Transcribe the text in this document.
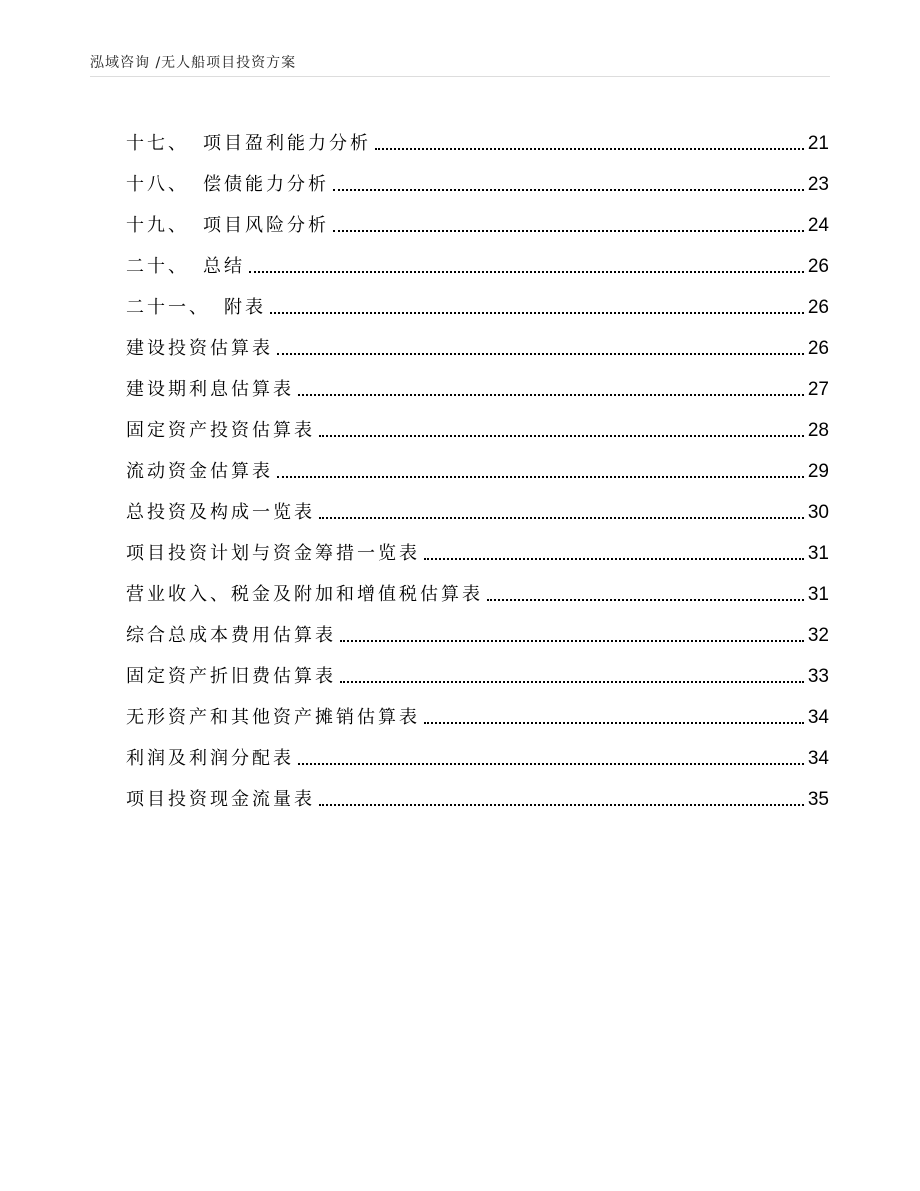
泓域咨询 /无人船项目投资方案
十七、 项目盈利能力分析	21
十八、 偿债能力分析	23
十九、 项目风险分析	24
二十、 总结	26
二十一、 附表	26
建设投资估算表	26
建设期利息估算表	27
固定资产投资估算表	28
流动资金估算表	29
总投资及构成一览表	30
项目投资计划与资金筹措一览表	31
营业收入、税金及附加和增值税估算表	31
综合总成本费用估算表	32
固定资产折旧费估算表	33
无形资产和其他资产摊销估算表	34
利润及利润分配表	34
项目投资现金流量表	35
